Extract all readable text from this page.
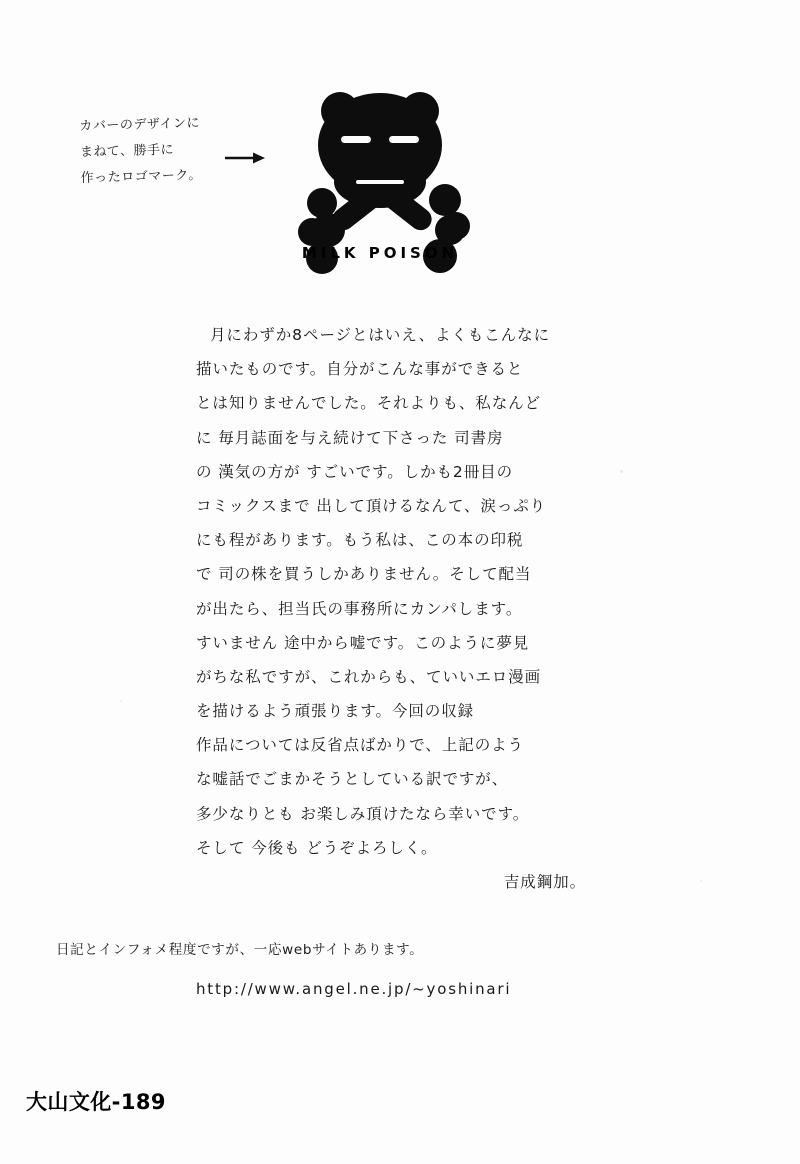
カバーのデザインに
まねて、勝手に
作ったロゴマーク。
MILK POISON
月にわずか8ページとはいえ、よくもこんなに
描いたものです。自分がこんな事ができると
とは知りませんでした。それよりも、私なんど
に 毎月誌面を与え続けて下さった 司書房
の 漢気の方が すごいです。しかも2冊目の
コミックスまで 出して頂けるなんて、涙っぷり
にも程があります。もう私は、この本の印税
で 司の株を買うしかありません。そして配当
が出たら、担当氏の事務所にカンパします。
すいません 途中から嘘です。このように夢見
がちな私ですが、これからも、ていいエロ漫画
を描けるよう頑張ります。今回の収録
作品については反省点ばかりで、上記のよう
な嘘話でごまかそうとしている訳ですが、
多少なりとも お楽しみ頂けたなら幸いです。
そして 今後も どうぞよろしく。
吉成鋼加。
日記とインフォメ程度ですが、一応webサイトあります。
http://www.angel.ne.jp/~yoshinari
大山文化-189
